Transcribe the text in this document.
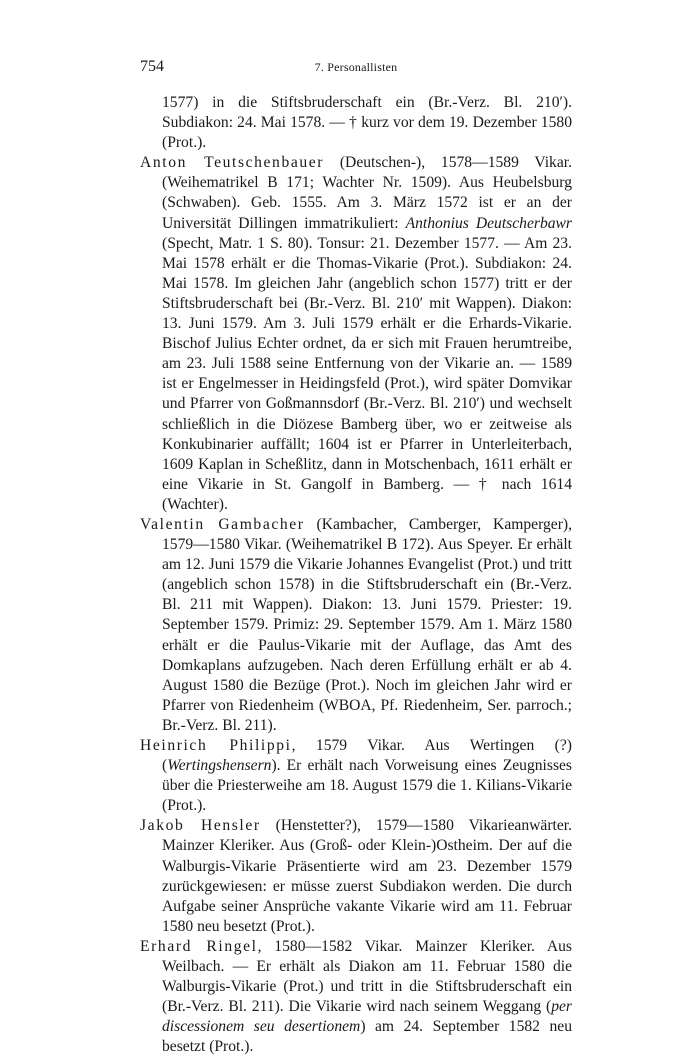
754	7. Personallisten

1577) in die Stiftsbruderschaft ein (Br.-Verz. Bl. 210′). Subdiakon: 24. Mai 1578. — † kurz vor dem 19. Dezember 1580 (Prot.).

Anton Teutschenbauer (Deutschen-), 1578—1589 Vikar. (Weihematrikel B 171; Wachter Nr. 1509). Aus Heubelsburg (Schwaben). Geb. 1555. Am 3. März 1572 ist er an der Universität Dillingen immatrikuliert: Anthonius Deutscherbawr (Specht, Matr. 1 S. 80). Tonsur: 21. Dezember 1577. — Am 23. Mai 1578 erhält er die Thomas-Vikarie (Prot.). Subdiakon: 24. Mai 1578. Im gleichen Jahr (angeblich schon 1577) tritt er der Stiftsbruderschaft bei (Br.-Verz. Bl. 210′ mit Wappen). Diakon: 13. Juni 1579. Am 3. Juli 1579 erhält er die Erhards-Vikarie. Bischof Julius Echter ordnet, da er sich mit Frauen herumtreibe, am 23. Juli 1588 seine Entfernung von der Vikarie an. — 1589 ist er Engelmesser in Heidingsfeld (Prot.), wird später Domvikar und Pfarrer von Goßmannsdorf (Br.-Verz. Bl. 210′) und wechselt schließlich in die Diözese Bamberg über, wo er zeitweise als Konkubinarier auffällt; 1604 ist er Pfarrer in Unterleiterbach, 1609 Kaplan in Scheßlitz, dann in Motschenbach, 1611 erhält er eine Vikarie in St. Gangolf in Bamberg. — † nach 1614 (Wachter).

Valentin Gambacher (Kambacher, Camberger, Kamperger), 1579—1580 Vikar. (Weihematrikel B 172). Aus Speyer. Er erhält am 12. Juni 1579 die Vikarie Johannes Evangelist (Prot.) und tritt (angeblich schon 1578) in die Stiftsbruderschaft ein (Br.-Verz. Bl. 211 mit Wappen). Diakon: 13. Juni 1579. Priester: 19. September 1579. Primiz: 29. September 1579. Am 1. März 1580 erhält er die Paulus-Vikarie mit der Auflage, das Amt des Domkaplans aufzugeben. Nach deren Erfüllung erhält er ab 4. August 1580 die Bezüge (Prot.). Noch im gleichen Jahr wird er Pfarrer von Riedenheim (WBOA, Pf. Riedenheim, Ser. parroch.; Br.-Verz. Bl. 211).

Heinrich Philippi, 1579 Vikar. Aus Wertingen (?) (Wertingshensern). Er erhält nach Vorweisung eines Zeugnisses über die Priesterweihe am 18. August 1579 die 1. Kilians-Vikarie (Prot.).

Jakob Hensler (Henstetter?), 1579—1580 Vikarieanwärter. Mainzer Kleriker. Aus (Groß- oder Klein-)Ostheim. Der auf die Walburgis-Vikarie Präsentierte wird am 23. Dezember 1579 zurückgewiesen: er müsse zuerst Subdiakon werden. Die durch Aufgabe seiner Ansprüche vakante Vikarie wird am 11. Februar 1580 neu besetzt (Prot.).

Erhard Ringel, 1580—1582 Vikar. Mainzer Kleriker. Aus Weilbach. — Er erhält als Diakon am 11. Februar 1580 die Walburgis-Vikarie (Prot.) und tritt in die Stiftsbruderschaft ein (Br.-Verz. Bl. 211). Die Vikarie wird nach seinem Weggang (per discessionem seu desertionem) am 24. September 1582 neu besetzt (Prot.).
